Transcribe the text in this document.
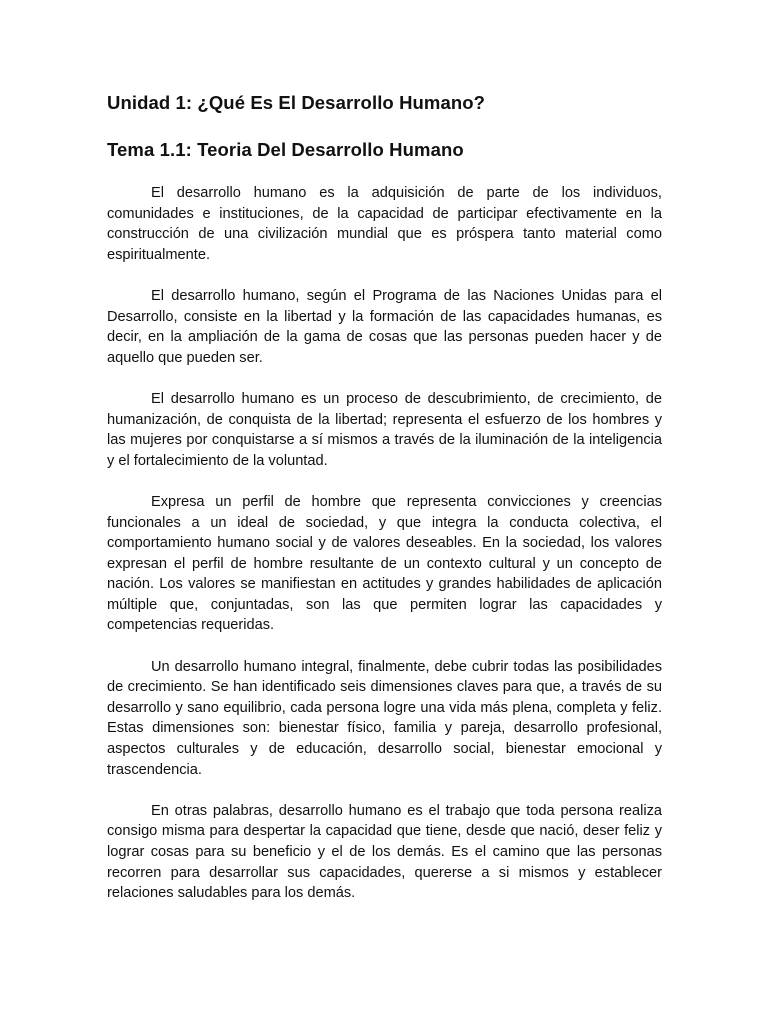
Unidad 1: ¿Qué Es El Desarrollo Humano?
Tema 1.1: Teoria Del Desarrollo Humano

El desarrollo humano es la adquisición de parte de los individuos, comunidades e instituciones, de la capacidad de participar efectivamente en la construcción de una civilización mundial que es próspera tanto material como espiritualmente.

El desarrollo humano, según el Programa de las Naciones Unidas para el Desarrollo, consiste en la libertad y la formación de las capacidades humanas, es decir, en la ampliación de la gama de cosas que las personas pueden hacer y de aquello que pueden ser.

El desarrollo humano es un proceso de descubrimiento, de crecimiento, de humanización, de conquista de la libertad; representa el esfuerzo de los hombres y las mujeres por conquistarse a sí mismos a través de la iluminación de la inteligencia y el fortalecimiento de la voluntad.

Expresa un perfil de hombre que representa convicciones y creencias funcionales a un ideal de sociedad, y que integra la conducta colectiva, el comportamiento humano social y de valores deseables. En la sociedad, los valores expresan el perfil de hombre resultante de un contexto cultural y un concepto de nación. Los valores se manifiestan en actitudes y grandes habilidades de aplicación múltiple que, conjuntadas, son las que permiten lograr las capacidades y competencias requeridas.

Un desarrollo humano integral, finalmente, debe cubrir todas las posibilidades de crecimiento. Se han identificado seis dimensiones claves para que, a través de su desarrollo y sano equilibrio, cada persona logre una vida más plena, completa y feliz. Estas dimensiones son: bienestar físico, familia y pareja, desarrollo profesional, aspectos culturales y de educación, desarrollo social, bienestar emocional y trascendencia.

En otras palabras, desarrollo humano es el trabajo que toda persona realiza consigo misma para despertar la capacidad que tiene, desde que nació, deser feliz y lograr cosas para su beneficio y el de los demás. Es el camino que las personas recorren para desarrollar sus capacidades, quererse a si mismos y establecer relaciones saludables para los demás.
